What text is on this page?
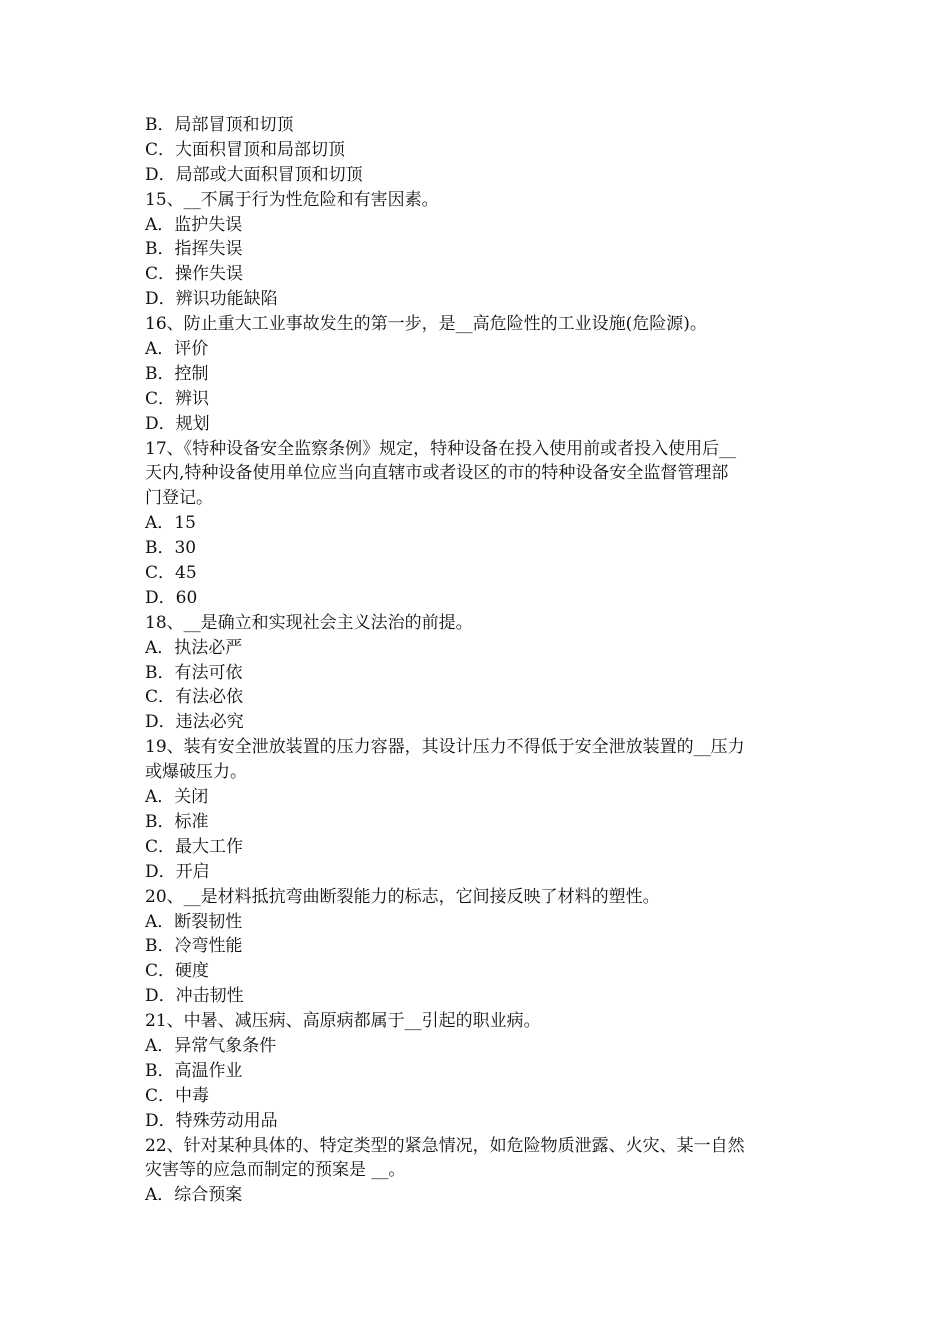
B．局部冒顶和切顶
C．大面积冒顶和局部切顶
D．局部或大面积冒顶和切顶
15、__不属于行为性危险和有害因素。
A．监护失误
B．指挥失误
C．操作失误
D．辨识功能缺陷
16、防止重大工业事故发生的第一步，是__高危险性的工业设施(危险源)。
A．评价
B．控制
C．辨识
D．规划
17、《特种设备安全监察条例》规定，特种设备在投入使用前或者投入使用后__
天内,特种设备使用单位应当向直辖市或者设区的市的特种设备安全监督管理部
门登记。
A．15
B．30
C．45
D．60
18、__是确立和实现社会主义法治的前提。
A．执法必严
B．有法可依
C．有法必依
D．违法必究
19、装有安全泄放装置的压力容器，其设计压力不得低于安全泄放装置的__压力
或爆破压力。
A．关闭
B．标准
C．最大工作
D．开启
20、__是材料抵抗弯曲断裂能力的标志，它间接反映了材料的塑性。
A．断裂韧性
B．冷弯性能
C．硬度
D．冲击韧性
21、中暑、减压病、高原病都属于__引起的职业病。
A．异常气象条件
B．高温作业
C．中毒
D．特殊劳动用品
22、针对某种具体的、特定类型的紧急情况，如危险物质泄露、火灾、某一自然
灾害等的应急而制定的预案是 __。
A．综合预案
